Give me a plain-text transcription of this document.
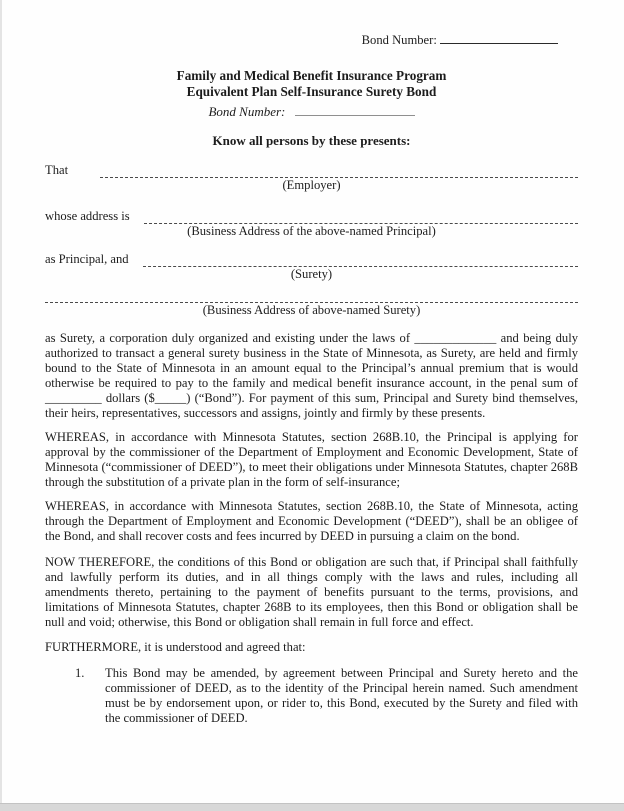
Bond Number:
Family and Medical Benefit Insurance Program
Equivalent Plan Self-Insurance Surety Bond
Bond Number:
Know all persons by these presents:
That
(Employer)
whose address is
(Business Address of the above-named Principal)
as Principal, and
(Surety)
(Business Address of above-named Surety)

as Surety, a corporation duly organized and existing under the laws of _____________ and being duly authorized to transact a general surety business in the State of Minnesota, as Surety, are held and firmly bound to the State of Minnesota in an amount equal to the Principal’s annual premium that is would otherwise be required to pay to the family and medical benefit insurance account, in the penal sum of _________ dollars ($_____) (“Bond”). For payment of this sum, Principal and Surety bind themselves, their heirs, representatives, successors and assigns, jointly and firmly by these presents.

WHEREAS, in accordance with Minnesota Statutes, section 268B.10, the Principal is applying for approval by the commissioner of the Department of Employment and Economic Development, State of Minnesota (“commissioner of DEED”), to meet their obligations under Minnesota Statutes, chapter 268B through the substitution of a private plan in the form of self-insurance;

WHEREAS, in accordance with Minnesota Statutes, section 268B.10, the State of Minnesota, acting through the Department of Employment and Economic Development (“DEED”), shall be an obligee of the Bond, and shall recover costs and fees incurred by DEED in pursuing a claim on the bond.

NOW THEREFORE, the conditions of this Bond or obligation are such that, if Principal shall faithfully and lawfully perform its duties, and in all things comply with the laws and rules, including all amendments thereto, pertaining to the payment of benefits pursuant to the terms, provisions, and limitations of Minnesota Statutes, chapter 268B to its employees, then this Bond or obligation shall be null and void; otherwise, this Bond or obligation shall remain in full force and effect.

FURTHERMORE, it is understood and agreed that:
1.	This Bond may be amended, by agreement between Principal and Surety hereto and the commissioner of DEED, as to the identity of the Principal herein named. Such amendment must be by endorsement upon, or rider to, this Bond, executed by the Surety and filed with the commissioner of DEED.
